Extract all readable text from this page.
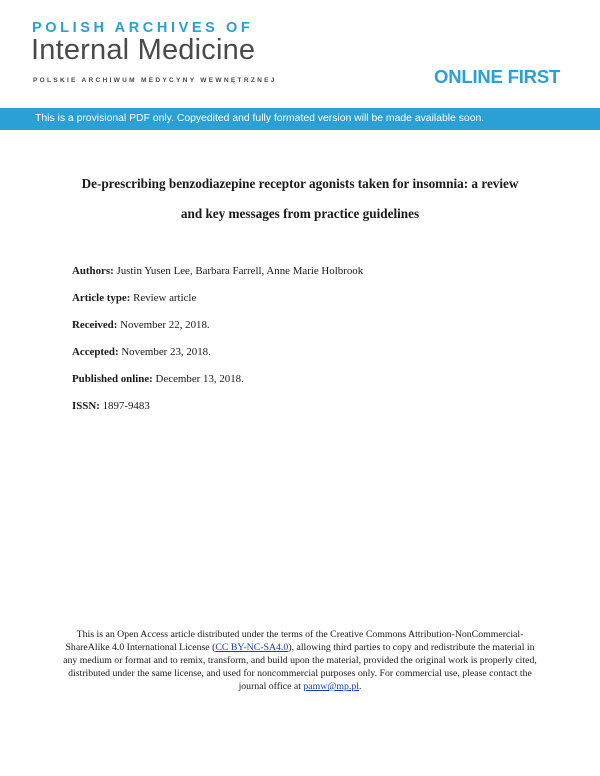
POLISH ARCHIVES OF
Internal Medicine
POLSKIE ARCHIWUM MEDYCYNY WEWNĘTRZNEJ	ONLINE FIRST
This is a provisional PDF only. Copyedited and fully formated version will be made available soon.
De-prescribing benzodiazepine receptor agonists taken for insomnia: a review
and key messages from practice guidelines
Authors: Justin Yusen Lee, Barbara Farrell, Anne Marie Holbrook
Article type: Review article
Received: November 22, 2018.
Accepted: November 23, 2018.
Published online: December 13, 2018.
ISSN: 1897-9483
This is an Open Access article distributed under the terms of the Creative Commons Attribution-NonCommercial-ShareAlike 4.0 International License (CC BY-NC-SA4.0), allowing third parties to copy and redistribute the material in any medium or format and to remix, transform, and build upon the material, provided the original work is properly cited, distributed under the same license, and used for noncommercial purposes only. For commercial use, please contact the journal office at pamw@mp.pl.
